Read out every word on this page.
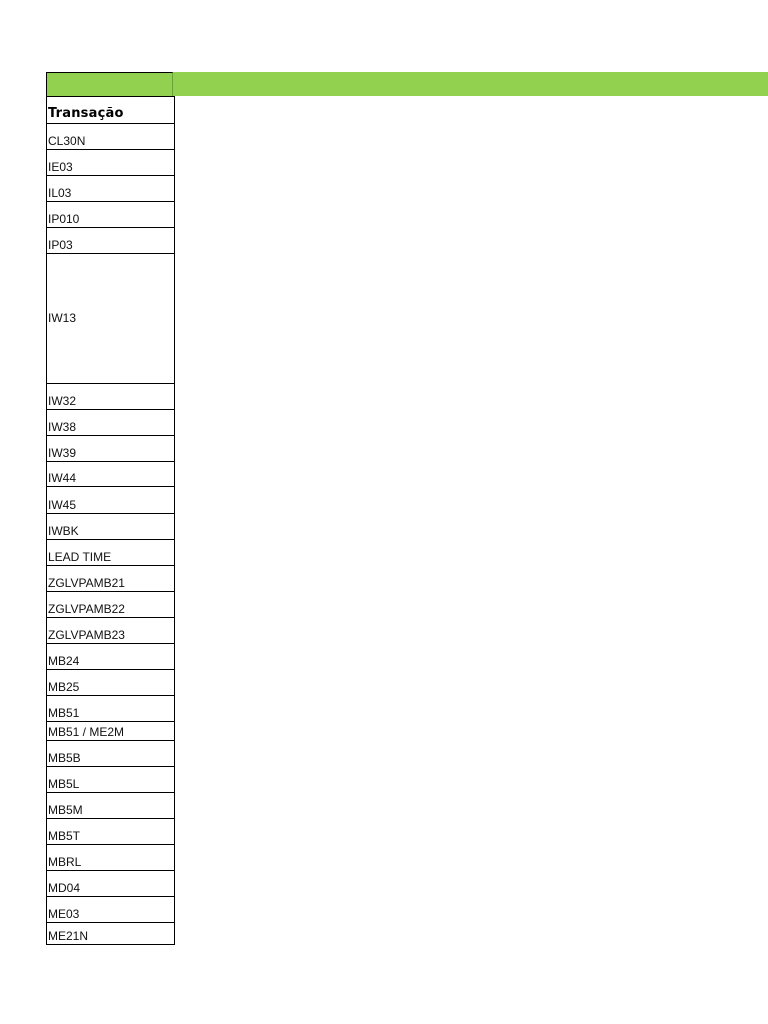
Transação
CL30N
IE03
IL03
IP010
IP03
IW13
IW32
IW38
IW39
IW44
IW45
IWBK
LEAD TIME
ZGLVPAMB21
ZGLVPAMB22
ZGLVPAMB23
MB24
MB25
MB51
MB51 / ME2M
MB5B
MB5L
MB5M
MB5T
MBRL
MD04
ME03
ME21N
